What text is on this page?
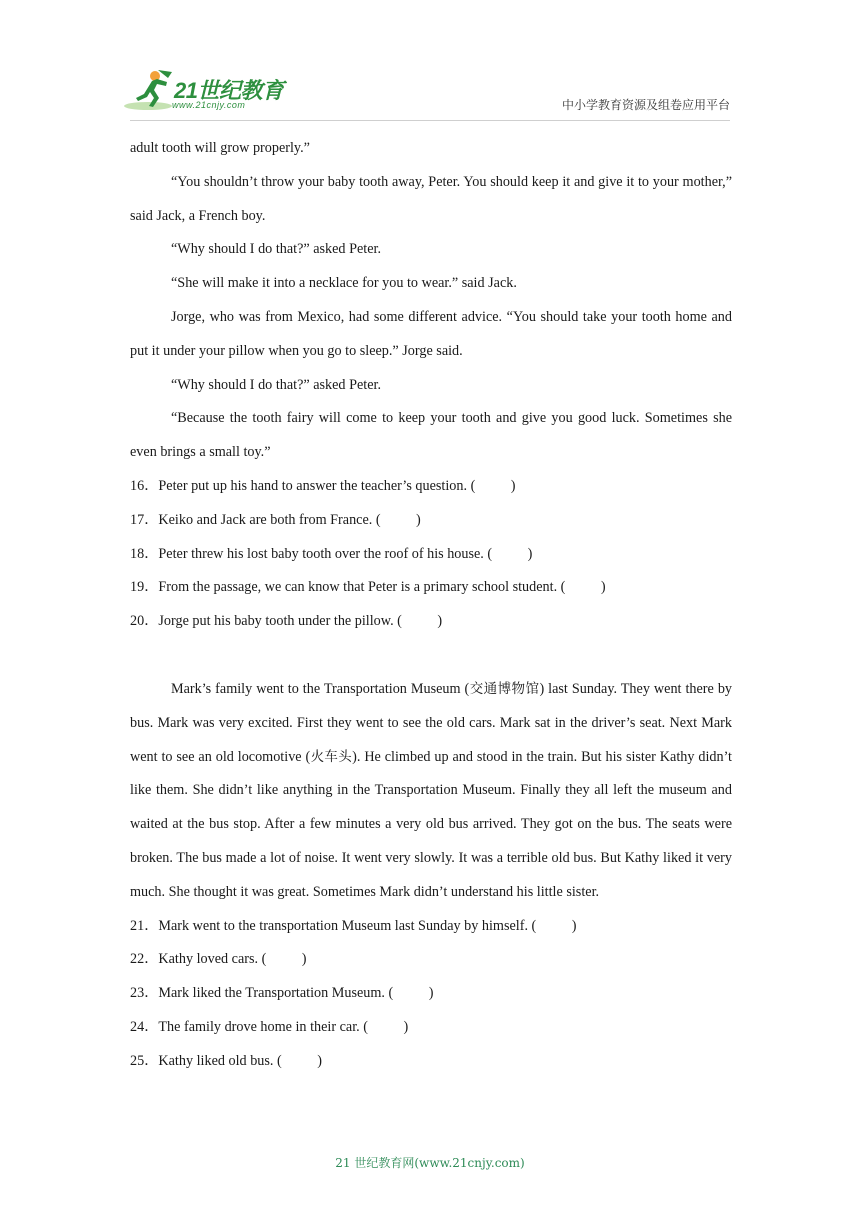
21世纪教育
www.21cnjy.com	中小学教育资源及组卷应用平台

adult tooth will grow properly.”

“You shouldn’t throw your baby tooth away, Peter. You should keep it and give it to your mother,” said Jack, a French boy.

“Why should I do that?” asked Peter.

“She will make it into a necklace for you to wear.” said Jack.

Jorge, who was from Mexico, had some different advice. “You should take your tooth home and put it under your pillow when you go to sleep.” Jorge said.

“Why should I do that?” asked Peter.

“Because the tooth fairy will come to keep your tooth and give you good luck. Sometimes she even brings a small toy.”

16．Peter put up his hand to answer the teacher’s question. (          )

17．Keiko and Jack are both from France. (          )

18．Peter threw his lost baby tooth over the roof of his house. (          )

19．From the passage, we can know that Peter is a primary school student. (          )

20．Jorge put his baby tooth under the pillow. (          )

Mark’s family went to the Transportation Museum (交通博物馆) last Sunday. They went there by bus. Mark was very excited. First they went to see the old cars. Mark sat in the driver’s seat. Next Mark went to see an old locomotive (火车头). He climbed up and stood in the train. But his sister Kathy didn’t like them. She didn’t like anything in the Transportation Museum. Finally they all left the museum and waited at the bus stop. After a few minutes a very old bus arrived. They got on the bus. The seats were broken. The bus made a lot of noise. It went very slowly. It was a terrible old bus. But Kathy liked it very much. She thought it was great. Sometimes Mark didn’t understand his little sister.

21．Mark went to the transportation Museum last Sunday by himself. (          )

22．Kathy loved cars. (          )

23．Mark liked the Transportation Museum. (          )

24．The family drove home in their car. (          )

25．Kathy liked old bus. (          )

21 世纪教育网(www.21cnjy.com)
